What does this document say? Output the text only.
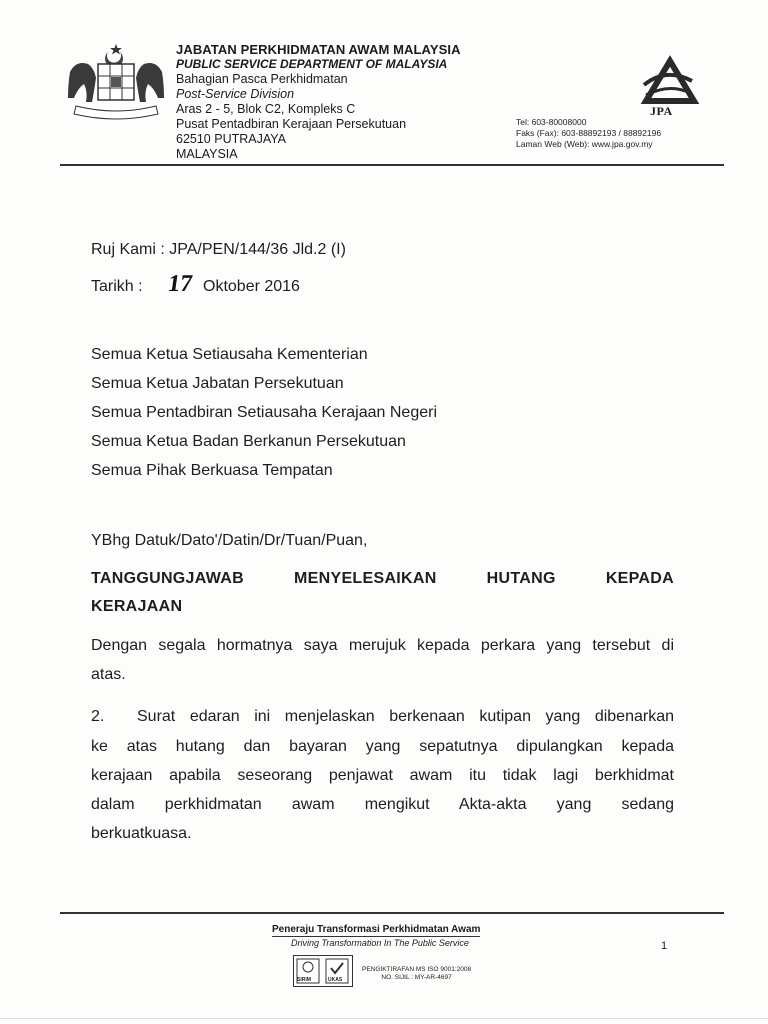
JABATAN PERKHIDMATAN AWAM MALAYSIA
PUBLIC SERVICE DEPARTMENT OF MALAYSIA
Bahagian Pasca Perkhidmatan
Post-Service Division
Aras 2 - 5, Blok C2, Kompleks C
Pusat Pentadbiran Kerajaan Persekutuan
62510 PUTRAJAYA
MALAYSIA
JPA
Tel: 603-80008000
Faks (Fax): 603-88892193 / 88892196
Laman Web (Web): www.jpa.gov.my
Ruj Kami : JPA/PEN/144/36 Jld.2 (I)
Tarikh : 17 Oktober 2016
Semua Ketua Setiausaha Kementerian
Semua Ketua Jabatan Persekutuan
Semua Pentadbiran Setiausaha Kerajaan Negeri
Semua Ketua Badan Berkanun Persekutuan
Semua Pihak Berkuasa Tempatan
YBhg Datuk/Dato'/Datin/Dr/Tuan/Puan,
TANGGUNGJAWAB MENYELESAIKAN HUTANG KEPADA
KERAJAAN
Dengan segala hormatnya saya merujuk kepada perkara yang tersebut di
atas.
2. Surat edaran ini menjelaskan berkenaan kutipan yang dibenarkan
ke atas hutang dan bayaran yang sepatutnya dipulangkan kepada
kerajaan apabila seseorang penjawat awam itu tidak lagi berkhidmat
dalam perkhidmatan awam mengikut Akta-akta yang sedang
berkuatkuasa.
Peneraju Transformasi Perkhidmatan Awam
Driving Transformation In The Public Service	1
SIRIM	UKAS
PENGIKTIRAFAN MS ISO 9001:2008
NO. SIJIL : MY-AR-4697
